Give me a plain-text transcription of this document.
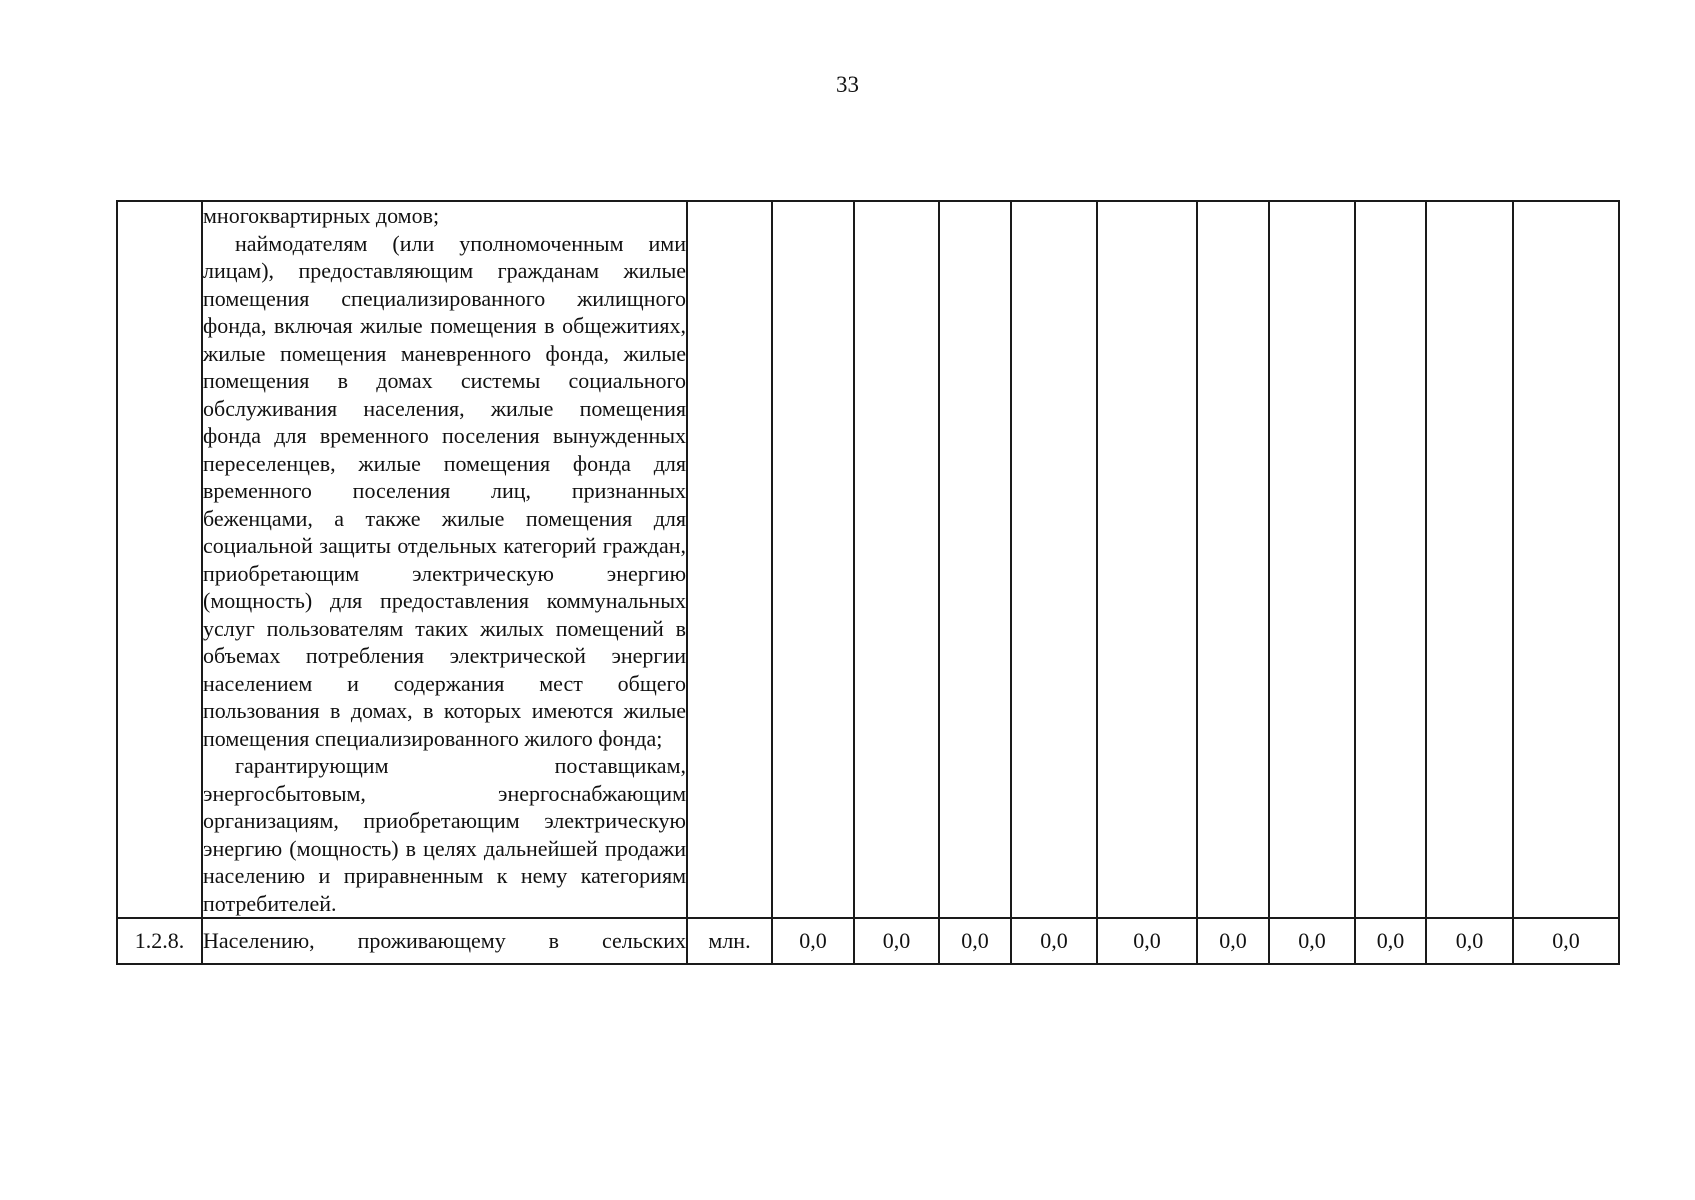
33

	многоквартирных домов;

наймодателям (или уполномоченным ими лицам), предоставляющим гражданам жилые помещения специализированного жилищного фонда, включая жилые помещения в общежитиях, жилые помещения маневренного фонда, жилые помещения в домах системы социального обслуживания населения, жилые помещения фонда для временного поселения вынужденных переселенцев, жилые помещения фонда для временного поселения лиц, признанных беженцами, а также жилые помещения для социальной защиты отдельных категорий граждан, приобретающим электрическую энергию (мощность) для предоставления коммунальных услуг пользователям таких жилых помещений в объемах потребления электрической энергии населением и содержания мест общего пользования в домах, в которых имеются жилые помещения специализированного жилого фонда;

гарантирующим поставщикам, энергосбытовым, энергоснабжающим организациям, приобретающим электрическую энергию (мощность) в целях дальнейшей продажи населению и приравненным к нему категориям потребителей.											

1.2.8.	Населению, проживающему в сельских	млн.	0,0	0,0	0,0	0,0	0,0	0,0	0,0	0,0	0,0	0,0
